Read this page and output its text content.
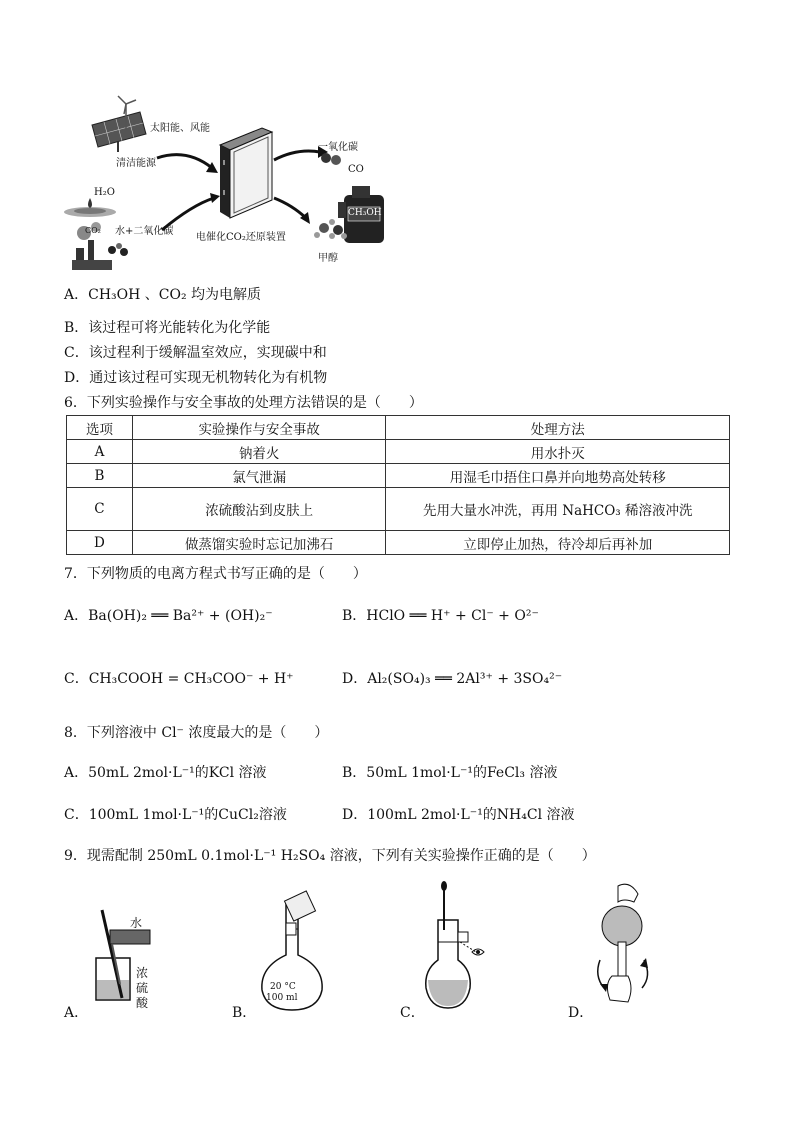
太阳能、风能
清洁能源
H₂O
CO₂ 水+二氧化碳
电催化CO₂还原装置
一氧化碳
CO
CH₃OH
甲醇
A．CH₃OH 、CO₂ 均为电解质
B．该过程可将光能转化为化学能
C．该过程利于缓解温室效应，实现碳中和
D．通过该过程可实现无机物转化为有机物
6．下列实验操作与安全事故的处理方法错误的是（　　）
选项	实验操作与安全事故	处理方法
A	钠着火	用水扑灭
B	氯气泄漏	用湿毛巾捂住口鼻并向地势高处转移
C	浓硫酸沾到皮肤上	先用大量水冲洗，再用 NaHCO₃ 稀溶液冲洗
D	做蒸馏实验时忘记加沸石	立即停止加热，待冷却后再补加
7．下列物质的电离方程式书写正确的是（　　）
A．Ba(OH)₂ ══ Ba²⁺ + (OH)₂⁻	B．HClO ══ H⁺ + Cl⁻ + O²⁻
C．CH₃COOH = CH₃COO⁻ + H⁺	D．Al₂(SO₄)₃ ══ 2Al³⁺ + 3SO₄²⁻
8．下列溶液中 Cl⁻ 浓度最大的是（　　）
A．50mL 2mol·L⁻¹的KCl 溶液	B．50mL 1mol·L⁻¹的FeCl₃ 溶液
C．100mL 1mol·L⁻¹的CuCl₂溶液	D．100mL 2mol·L⁻¹的NH₄Cl 溶液
9．现需配制 250mL 0.1mol·L⁻¹ H₂SO₄ 溶液，下列有关实验操作正确的是（　　）
水
浓硫酸
20 °C
100 ml
A．	B．	C．	D．
